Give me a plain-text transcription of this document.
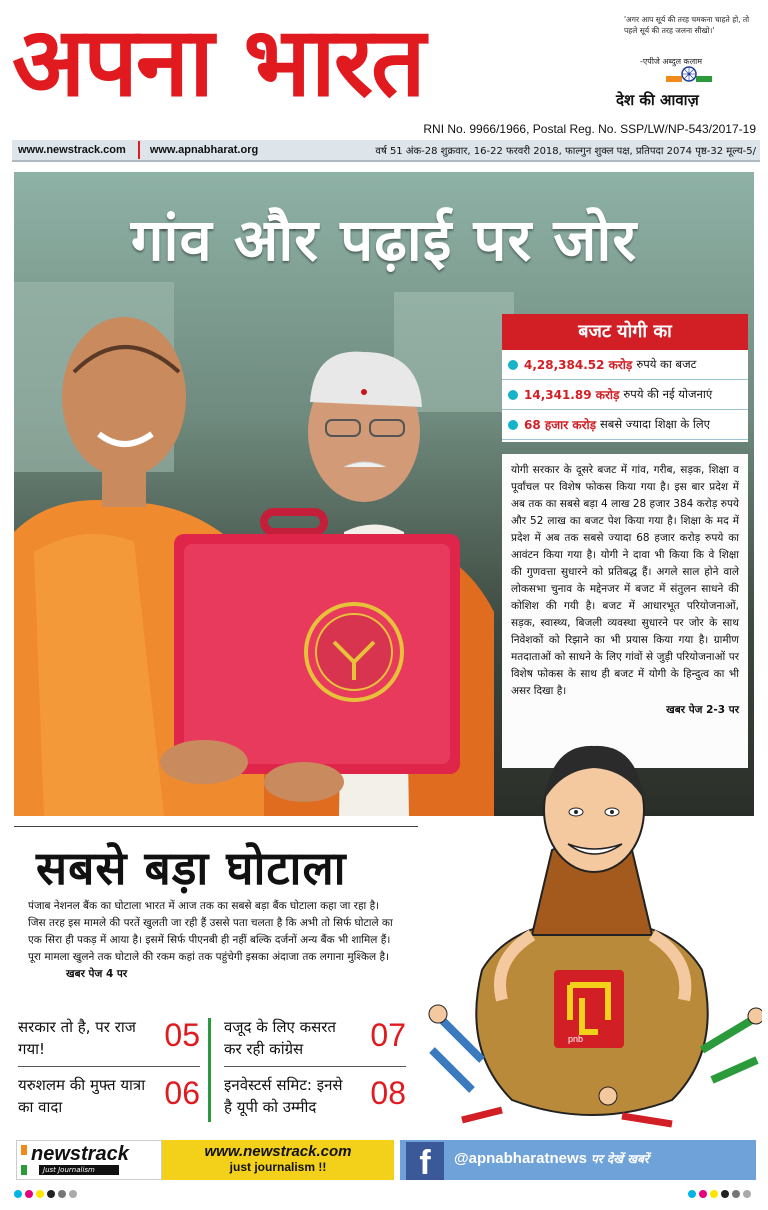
अपना भारत	'अगर आप सूर्य की तरह चमकना चाहते हो, तो पहले सूर्य की तरह जलना सीखो।'
-एपीजे अब्दुल कलाम
देश की आवाज़
RNI No. 9966/1966, Postal Reg. No. SSP/LW/NP-543/2017-19
www.newstrack.com	www.apnabharat.org	वर्ष 51 अंक-28 शुक्रवार, 16-22 फरवरी 2018, फाल्गुन शुक्ल पक्ष, प्रतिपदा 2074 पृष्ठ-32 मूल्य-5/
गांव और पढ़ाई पर जोर
बजट योगी का
4,28,384.52 करोड़ रुपये का बजट
14,341.89 करोड़ रुपये की नई योजनाएं
68 हजार करोड़ सबसे ज्यादा शिक्षा के लिए
योगी सरकार के दूसरे बजट में गांव, गरीब, सड़क, शिक्षा व पूर्वांचल पर विशेष फोकस किया गया है। इस बार प्रदेश में अब तक का सबसे बड़ा 4 लाख 28 हजार 384 करोड़ रुपये और 52 लाख का बजट पेश किया गया है। शिक्षा के मद में प्रदेश में अब तक सबसे ज्यादा 68 हजार करोड़ रुपये का आवंटन किया गया है। योगी ने दावा भी किया कि वे शिक्षा की गुणवत्ता सुधारने को प्रतिबद्ध हैं। अगले साल होने वाले लोकसभा चुनाव के मद्देनजर में बजट में संतुलन साधने की कोशिश की गयी है। बजट में आधारभूत परियोजनाओं, सड़क, स्वास्थ्य, बिजली व्यवस्था सुधारने पर जोर के साथ निवेशकों को रिझाने का भी प्रयास किया गया है। ग्रामीण मतदाताओं को साधने के लिए गांवों से जुड़ी परियोजनाओं पर विशेष फोकस के साथ ही बजट में योगी के हिन्दुत्व का भी असर दिखा है।
खबर पेज 2-3 पर
सबसे बड़ा घोटाला
पंजाब नेशनल बैंक का घोटाला भारत में आज तक का सबसे बड़ा बैंक घोटाला कहा जा रहा है। जिस तरह इस मामले की परतें खुलती जा रही हैं उससे पता चलता है कि अभी तो सिर्फ घोटाले का एक सिरा ही पकड़ में आया है। इसमें सिर्फ पीएनबी ही नहीं बल्कि दर्जनों अन्य बैंक भी शामिल हैं। पूरा मामला खुलने तक घोटाले की रकम कहां तक पहुंचेगी इसका अंदाजा तक लगाना मुश्किल है। खबर पेज 4 पर
सरकार तो है, पर राज गया!	05 वजूद के लिए कसरत कर रही कांग्रेस	07
यरुशलम की मुफ्त यात्रा का वादा	06 इनवेस्टर्स समिट: इनसे है यूपी को उम्मीद	08
pnb
newstrack
Just Journalism
www.newstrack.com
just journalism !!	f	@apnabharatnews पर देखें खबरें
